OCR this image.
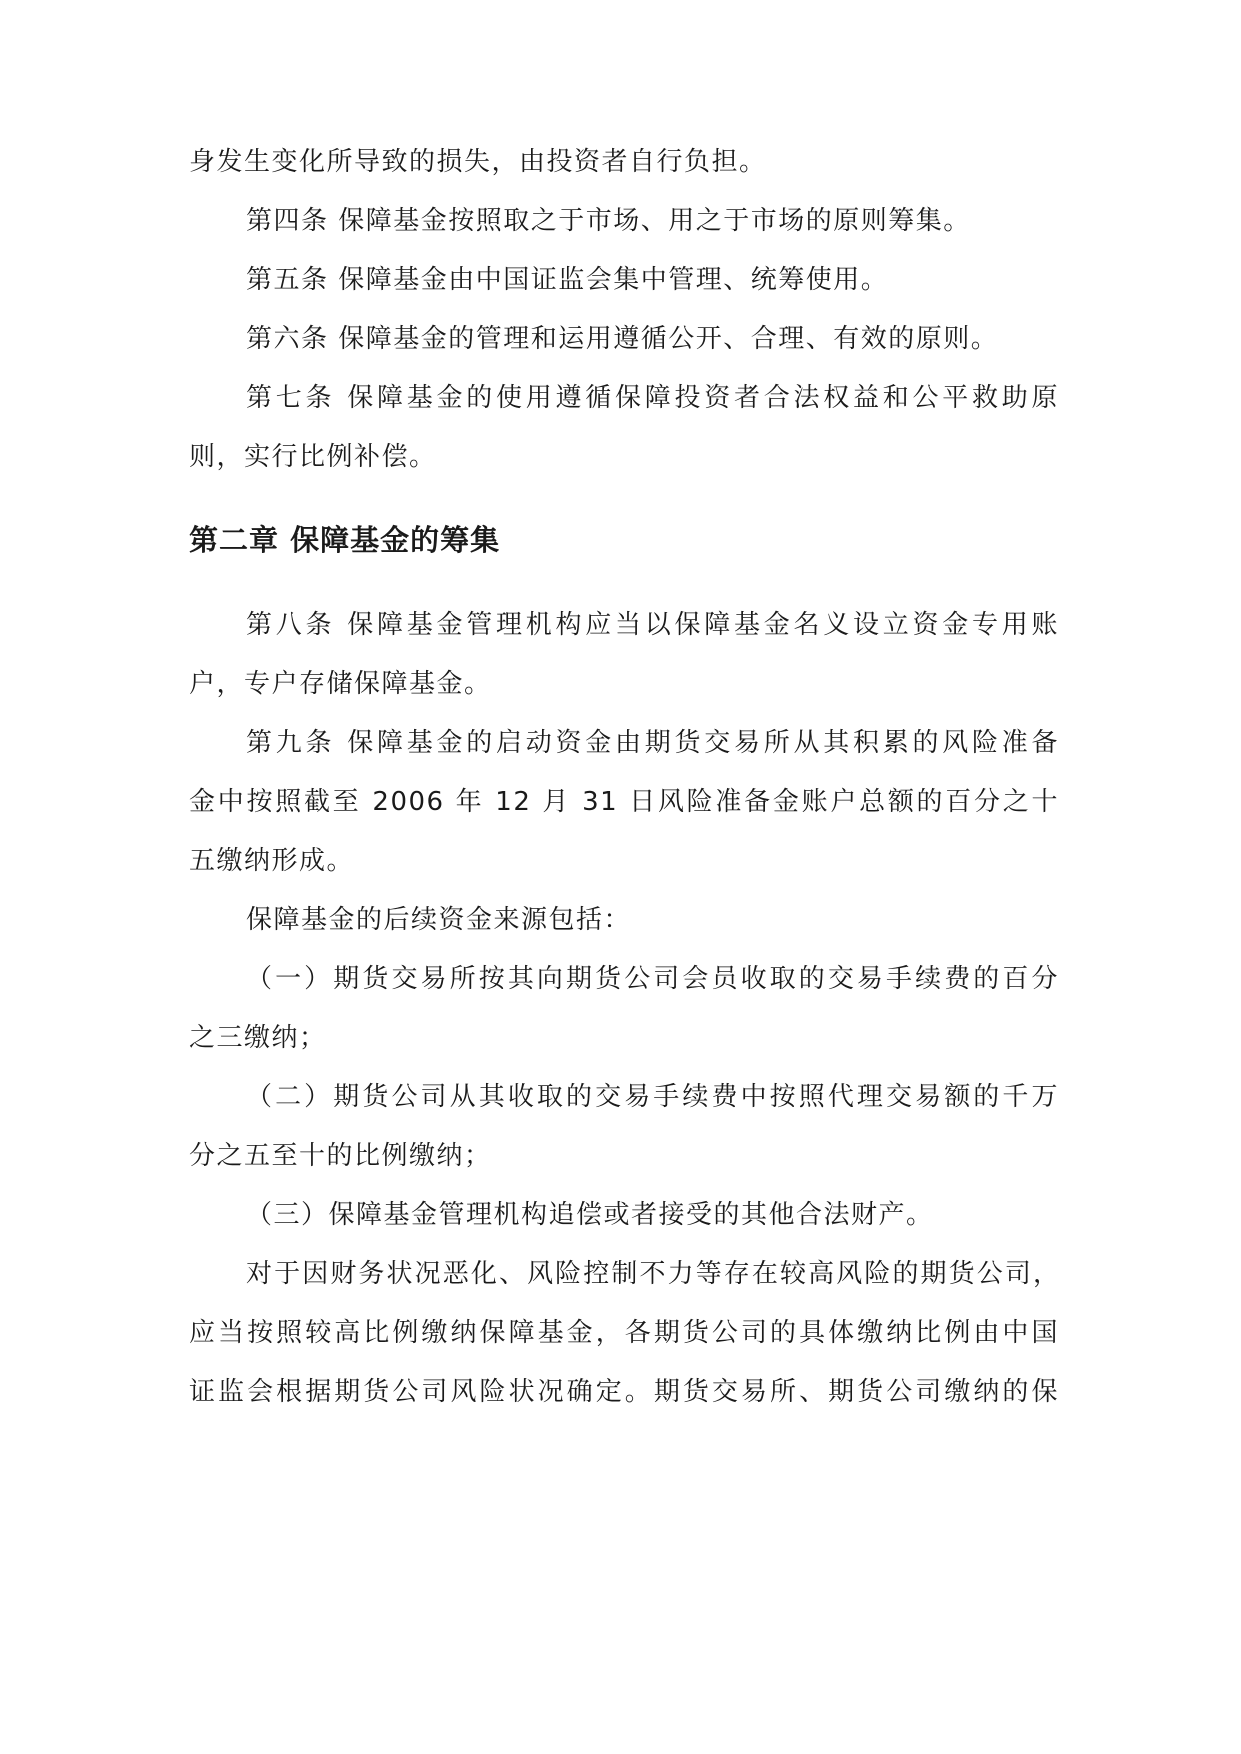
身发生变化所导致的损失，由投资者自行负担。
第四条 保障基金按照取之于市场、用之于市场的原则筹集。
第五条 保障基金由中国证监会集中管理、统筹使用。
第六条 保障基金的管理和运用遵循公开、合理、有效的原则。
第七条 保障基金的使用遵循保障投资者合法权益和公平救助原
则，实行比例补偿。
第二章 保障基金的筹集
第八条 保障基金管理机构应当以保障基金名义设立资金专用账
户，专户存储保障基金。
第九条 保障基金的启动资金由期货交易所从其积累的风险准备
金中按照截至 2006 年 12 月 31 日风险准备金账户总额的百分之十
五缴纳形成。
保障基金的后续资金来源包括：
（一）期货交易所按其向期货公司会员收取的交易手续费的百分
之三缴纳；
（二）期货公司从其收取的交易手续费中按照代理交易额的千万
分之五至十的比例缴纳；
（三）保障基金管理机构追偿或者接受的其他合法财产。
对于因财务状况恶化、风险控制不力等存在较高风险的期货公司，
应当按照较高比例缴纳保障基金，各期货公司的具体缴纳比例由中国
证监会根据期货公司风险状况确定。期货交易所、期货公司缴纳的保
